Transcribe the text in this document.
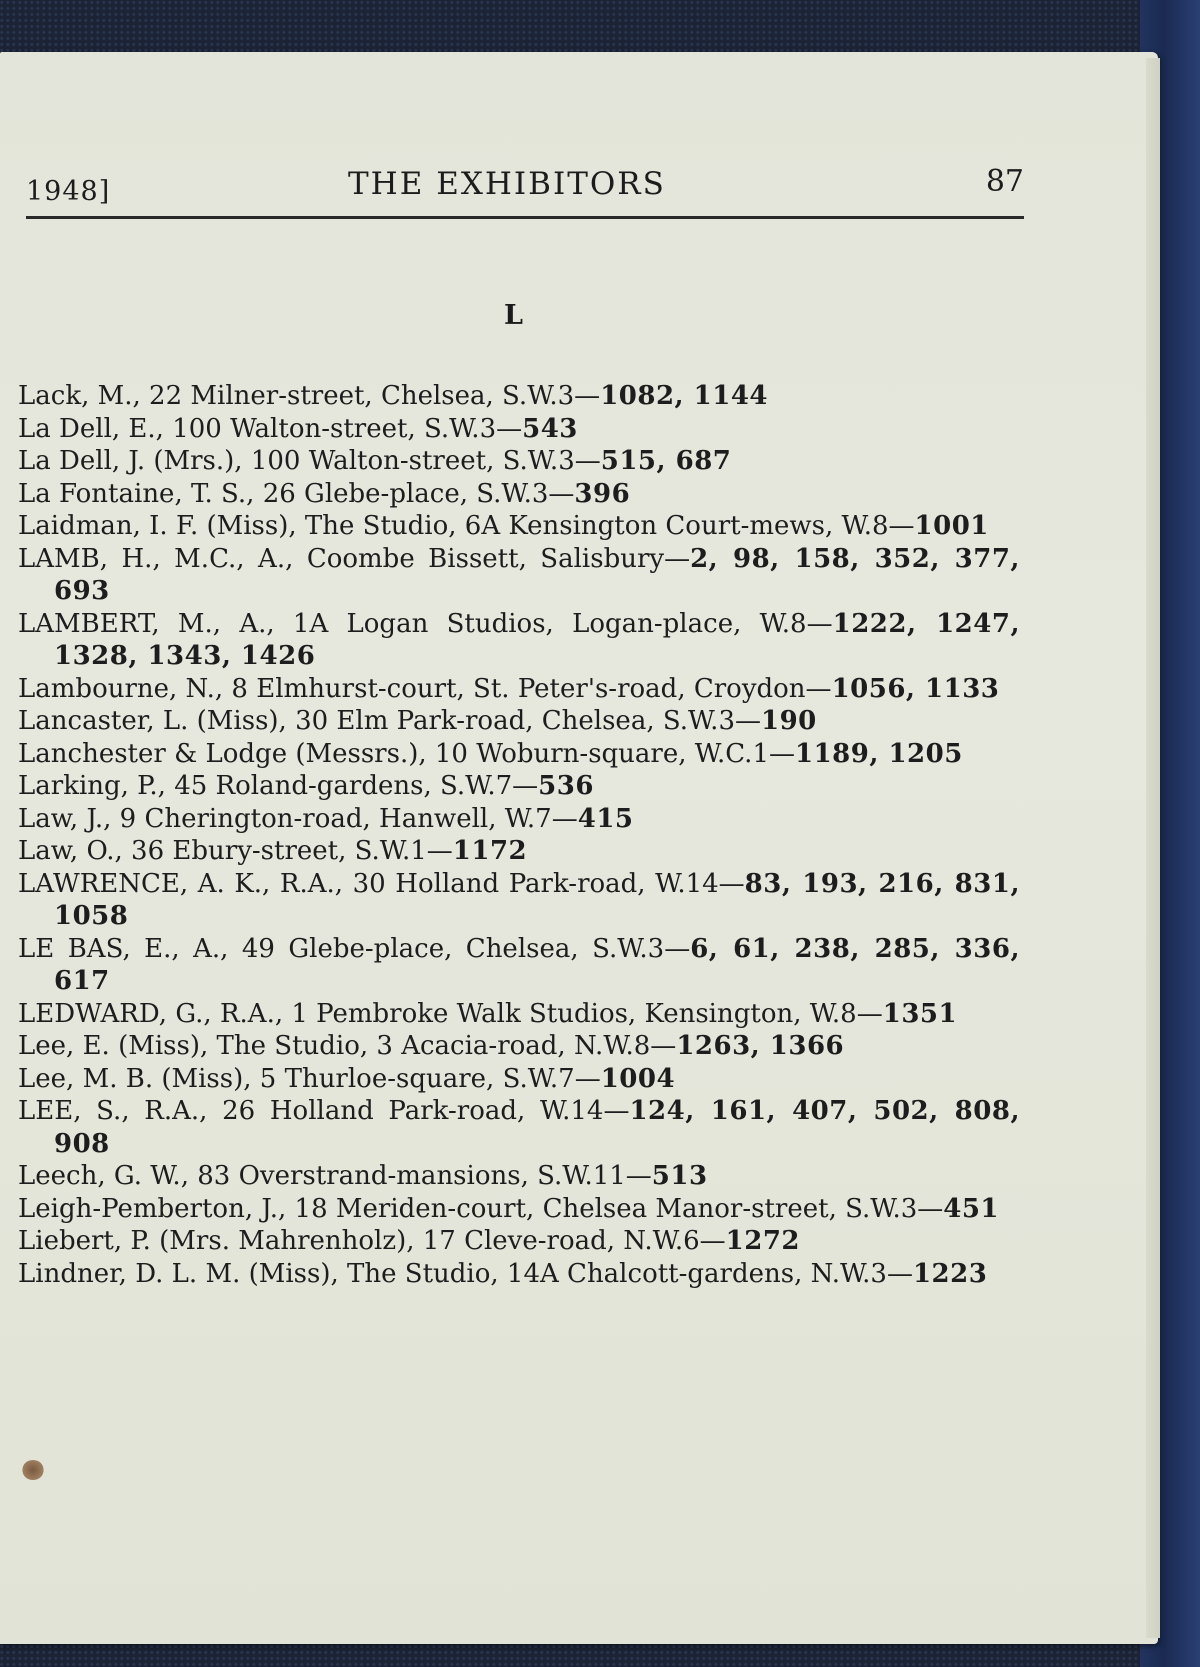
1948]	THE EXHIBITORS	87
L

Lack, M., 22 Milner-street, Chelsea, S.W.3—1082, 1144

La Dell, E., 100 Walton-street, S.W.3—543

La Dell, J. (Mrs.), 100 Walton-street, S.W.3—515, 687

La Fontaine, T. S., 26 Glebe-place, S.W.3—396

Laidman, I. F. (Miss), The Studio, 6A Kensington Court-mews, W.8—1001

LAMB, H., M.C., A., Coombe Bissett, Salisbury—2, 98, 158, 352, 377, 693

LAMBERT, M., A., 1A Logan Studios, Logan-place, W.8—1222, 1247, 1328, 1343, 1426

Lambourne, N., 8 Elmhurst-court, St. Peter's-road, Croydon—1056, 1133

Lancaster, L. (Miss), 30 Elm Park-road, Chelsea, S.W.3—190

Lanchester & Lodge (Messrs.), 10 Woburn-square, W.C.1—1189, 1205

Larking, P., 45 Roland-gardens, S.W.7—536

Law, J., 9 Cherington-road, Hanwell, W.7—415

Law, O., 36 Ebury-street, S.W.1—1172

LAWRENCE, A. K., R.A., 30 Holland Park-road, W.14—83, 193, 216, 831, 1058

LE BAS, E., A., 49 Glebe-place, Chelsea, S.W.3—6, 61, 238, 285, 336, 617

LEDWARD, G., R.A., 1 Pembroke Walk Studios, Kensington, W.8—1351

Lee, E. (Miss), The Studio, 3 Acacia-road, N.W.8—1263, 1366

Lee, M. B. (Miss), 5 Thurloe-square, S.W.7—1004

LEE, S., R.A., 26 Holland Park-road, W.14—124, 161, 407, 502, 808, 908

Leech, G. W., 83 Overstrand-mansions, S.W.11—513

Leigh-Pemberton, J., 18 Meriden-court, Chelsea Manor-street, S.W.3—451

Liebert, P. (Mrs. Mahrenholz), 17 Cleve-road, N.W.6—1272

Lindner, D. L. M. (Miss), The Studio, 14A Chalcott-gardens, N.W.3—1223
